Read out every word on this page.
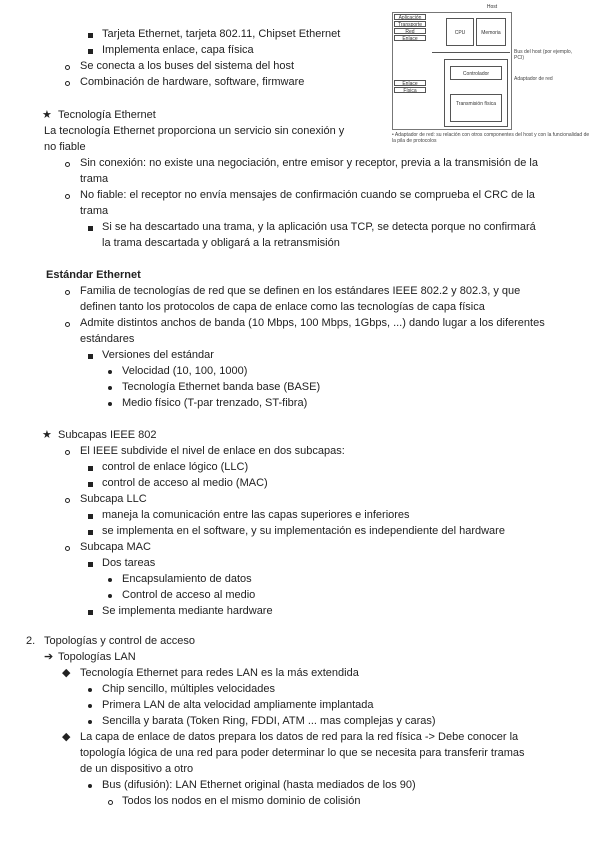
Host
Aplicación
Transporte
Red
Enlace
CPU	Memoria
Bus del host (por ejemplo, PCI)
Controlador
Adaptador de red
Enlace
Física
Transmisión física
• Adaptador de red: su relación con otros componentes del host y con la funcionalidad de la pila de protocolos
Tarjeta Ethernet, tarjeta 802.11, Chipset Ethernet
Implementa enlace, capa física
Se conecta a los buses del sistema del host
Combinación de hardware, software, firmware
★ Tecnología Ethernet
La tecnología Ethernet proporciona un servicio sin conexión y
no fiable
Sin conexión: no existe una negociación, entre emisor y receptor, previa a la transmisión de la
trama
No fiable: el receptor no envía mensajes de confirmación cuando se comprueba el CRC de la
trama
Si se ha descartado una trama, y la aplicación usa TCP, se detecta porque no confirmará
la trama descartada y obligará a la retransmisión
Estándar Ethernet
Familia de tecnologías de red que se definen en los estándares IEEE 802.2 y 802.3, y que
definen tanto los protocolos de capa de enlace como las tecnologías de capa física
Admite distintos anchos de banda (10 Mbps, 100 Mbps, 1Gbps, ...) dando lugar a los diferentes
estándares
Versiones del estándar
Velocidad (10, 100, 1000)
Tecnología Ethernet banda base (BASE)
Medio físico (T-par trenzado, ST-fibra)
★ Subcapas IEEE 802
El IEEE subdivide el nivel de enlace en dos subcapas:
control de enlace lógico (LLC)
control de acceso al medio (MAC)
Subcapa LLC
maneja la comunicación entre las capas superiores e inferiores
se implementa en el software, y su implementación es independiente del hardware
Subcapa MAC
Dos tareas
Encapsulamiento de datos
Control de acceso al medio
Se implementa mediante hardware
2. Topologías y control de acceso
➔ Topologías LAN
◆ Tecnología Ethernet para redes LAN es la más extendida
Chip sencillo, múltiples velocidades
Primera LAN de alta velocidad ampliamente implantada
Sencilla y barata (Token Ring, FDDI, ATM ... mas complejas y caras)
◆ La capa de enlace de datos prepara los datos de red para la red física -> Debe conocer la
topología lógica de una red para poder determinar lo que se necesita para transferir tramas
de un dispositivo a otro
Bus (difusión): LAN Ethernet original (hasta mediados de los 90)
Todos los nodos en el mismo dominio de colisión
